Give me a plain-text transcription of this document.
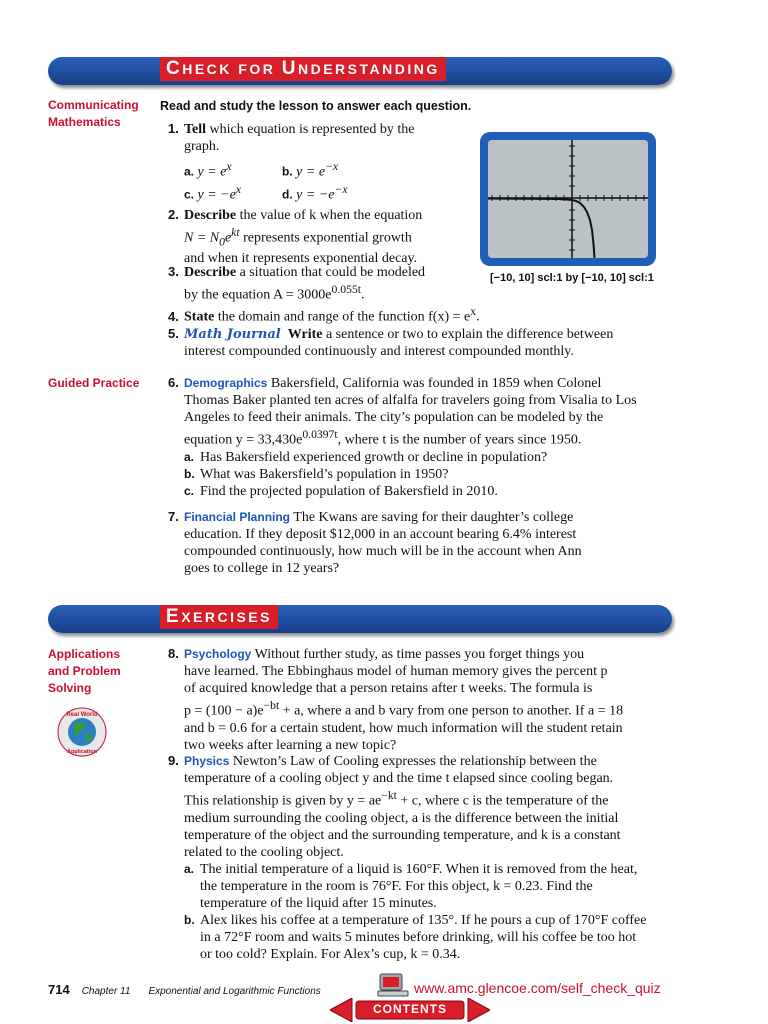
CHECK FOR UNDERSTANDING
Communicating
Mathematics
Read and study the lesson to answer each question.
1. Tell which equation is represented by the
graph.
a. $y = e^x$	b. $y = e^{-x}$
c. $y = -e^x$	d. $y = -e^{-x}$
[−10, 10] scl:1 by [−10, 10] scl:1
2. Describe the value of k when the equation
$N = N_0e^{kt}$ represents exponential growth
and when it represents exponential decay.
3. Describe a situation that could be modeled
by the equation $A = 3000e^{0.055t}$.
4. State the domain and range of the function $f(x) = e^x$.
5. Math Journal Write a sentence or two to explain the difference between
interest compounded continuously and interest compounded monthly.
Guided Practice	6. Demographics Bakersfield, California was founded in 1859 when Colonel
Thomas Baker planted ten acres of alfalfa for travelers going from Visalia to Los
Angeles to feed their animals. The city’s population can be modeled by the
equation $y = 33,430e^{0.0397t}$, where t is the number of years since 1950.
a. Has Bakersfield experienced growth or decline in population?
b. What was Bakersfield’s population in 1950?
c. Find the projected population of Bakersfield in 2010.
7. Financial Planning The Kwans are saving for their daughter’s college
education. If they deposit $12,000 in an account bearing 6.4% interest
compounded continuously, how much will be in the account when Ann
goes to college in 12 years?
EXERCISES
Applications
and Problem
Solving
Real World
Application
8. Psychology Without further study, as time passes you forget things you
have learned. The Ebbinghaus model of human memory gives the percent p
of acquired knowledge that a person retains after t weeks. The formula is
$p = (100 - a)e^{-bt} + a$, where a and b vary from one person to another. If a = 18
and b = 0.6 for a certain student, how much information will the student retain
two weeks after learning a new topic?
9. Physics Newton’s Law of Cooling expresses the relationship between the
temperature of a cooling object y and the time t elapsed since cooling began.
This relationship is given by $y = ae^{-kt} + c$, where c is the temperature of the
medium surrounding the cooling object, a is the difference between the initial
temperature of the object and the surrounding temperature, and k is a constant
related to the cooling object.
a. The initial temperature of a liquid is 160°F. When it is removed from the heat,
the temperature in the room is 76°F. For this object, k = 0.23. Find the
temperature of the liquid after 15 minutes.
b. Alex likes his coffee at a temperature of 135°. If he pours a cup of 170°F coffee
in a 72°F room and waits 5 minutes before drinking, will his coffee be too hot
or too cold? Explain. For Alex’s cup, k = 0.34.
714 Chapter 11 Exponential and Logarithmic Functions	www.amc.glencoe.com/self_check_quiz
CONTENTS
